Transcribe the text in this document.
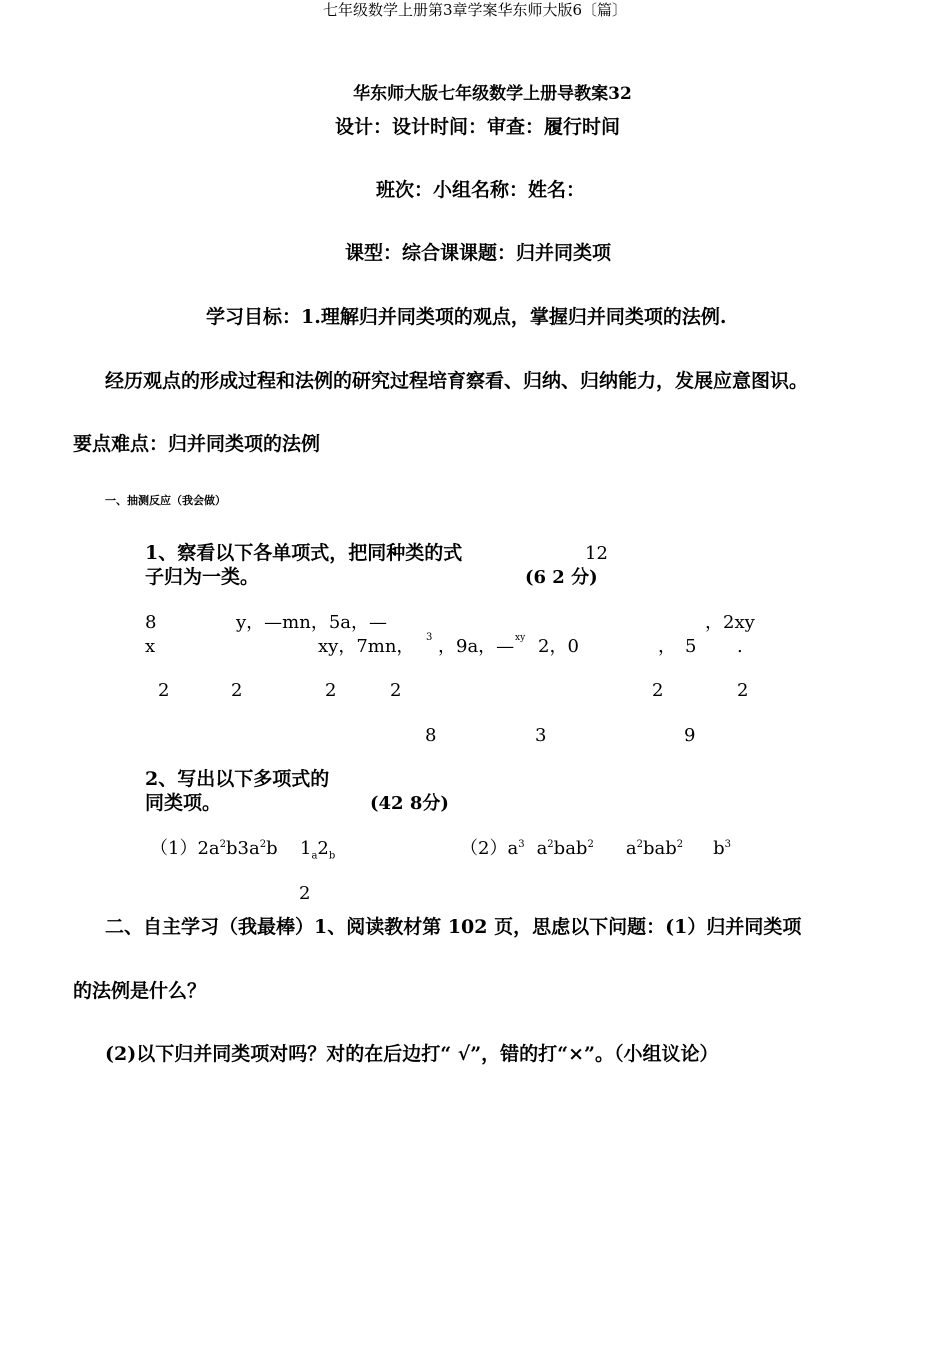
七年级数学上册第3章学案华东师大版6〔篇〕
华东师大版七年级数学上册导教案32
设计：设计时间：审查：履行时间
班次：小组名称：姓名：
课型：综合课课题：归并同类项
学习目标：1.理解归并同类项的观点，掌握归并同类项的法例.
经历观点的形成过程和法例的研究过程培育察看、归纳、归纳能力，发展应意图识。
要点难点：归并同类项的法例
一、抽测反应（我会做）
1、察看以下各单项式，把同种类的式	12
子归为一类。	(6 2 分)
8	y，—mn，5a，—	，2xy
x	xy，7mn， 3 ，9a，— xy 2，0	， 5 .
2	2	2	2	2	2
8	3	9
2、写出以下多项式的
同类项。	(42 8分)
$(1)2a^2b3a^2b$ $1_a2_b$	$(2)a^3$ $a^2bab^2$ $a^2bab^2$ $b^3$
2
二、自主学习（我最棒）1、阅读教材第 102 页，思虑以下问题：(1）归并同类项
的法例是什么？
(2)以下归并同类项对吗？对的在后边打“ √”，错的打“×”。（小组议论）
